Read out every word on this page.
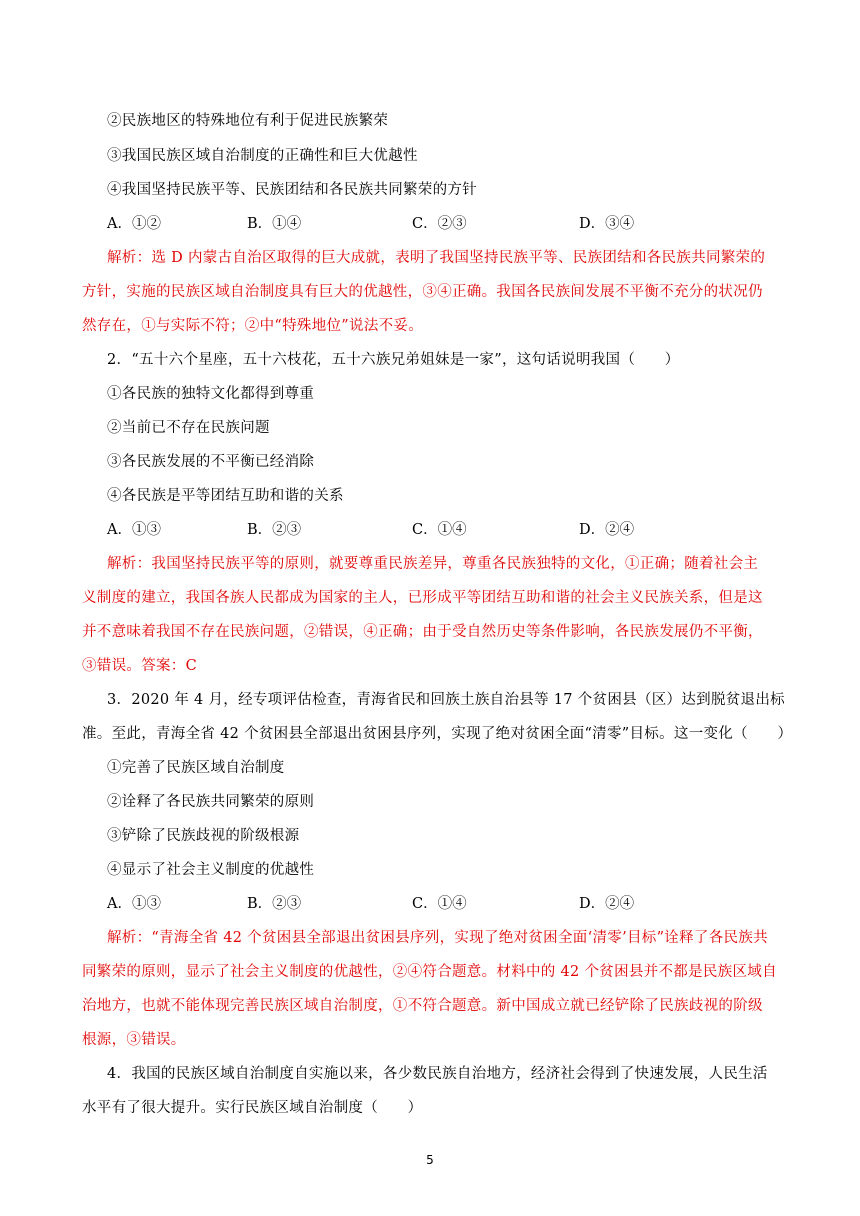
②民族地区的特殊地位有利于促进民族繁荣
③我国民族区域自治制度的正确性和巨大优越性
④我国坚持民族平等、民族团结和各民族共同繁荣的方针
A．①②	B．①④	C．②③	D．③④
解析：选 D 内蒙古自治区取得的巨大成就，表明了我国坚持民族平等、民族团结和各民族共同繁荣的
方针，实施的民族区域自治制度具有巨大的优越性，③④正确。我国各民族间发展不平衡不充分的状况仍
然存在，①与实际不符；②中“特殊地位”说法不妥。
2．“五十六个星座，五十六枝花，五十六族兄弟姐妹是一家”，这句话说明我国（　　）
①各民族的独特文化都得到尊重
②当前已不存在民族问题
③各民族发展的不平衡已经消除
④各民族是平等团结互助和谐的关系
A．①③	B．②③	C．①④	D．②④
解析：我国坚持民族平等的原则，就要尊重民族差异，尊重各民族独特的文化，①正确；随着社会主
义制度的建立，我国各族人民都成为国家的主人，已形成平等团结互助和谐的社会主义民族关系，但是这
并不意味着我国不存在民族问题，②错误，④正确；由于受自然历史等条件影响，各民族发展仍不平衡，
③错误。答案：C
3．2020 年 4 月，经专项评估检查，青海省民和回族土族自治县等 17 个贫困县（区）达到脱贫退出标
准。至此，青海全省 42 个贫困县全部退出贫困县序列，实现了绝对贫困全面“清零”目标。这一变化（　　）
①完善了民族区域自治制度
②诠释了各民族共同繁荣的原则
③铲除了民族歧视的阶级根源
④显示了社会主义制度的优越性
A．①③	B．②③	C．①④	D．②④
解析：“青海全省 42 个贫困县全部退出贫困县序列，实现了绝对贫困全面‘清零’目标”诠释了各民族共
同繁荣的原则，显示了社会主义制度的优越性，②④符合题意。材料中的 42 个贫困县并不都是民族区域自
治地方，也就不能体现完善民族区域自治制度，①不符合题意。新中国成立就已经铲除了民族歧视的阶级
根源，③错误。
4．我国的民族区域自治制度自实施以来，各少数民族自治地方，经济社会得到了快速发展，人民生活
水平有了很大提升。实行民族区域自治制度（　　）
5
